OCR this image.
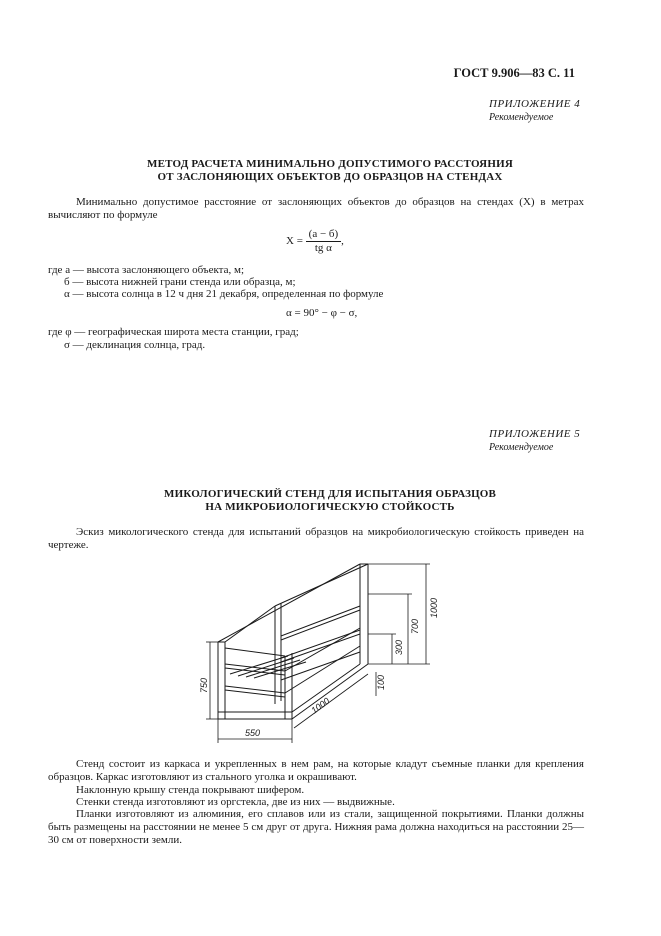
ГОСТ 9.906—83 С. 11
ПРИЛОЖЕНИЕ 4
Рекомендуемое
МЕТОД РАСЧЕТА МИНИМАЛЬНО ДОПУСТИМОГО РАССТОЯНИЯ
ОТ ЗАСЛОНЯЮЩИХ ОБЪЕКТОВ ДО ОБРАЗЦОВ НА СТЕНДАХ
Минимально допустимое расстояние от заслоняющих объектов до образцов на стендах (X) в метрах вычисляют по формуле
$X = \frac{(a - б)}{\text{tg α}}$ ,
где a — высота заслоняющего объекта, м;
б — высота нижней грани стенда или образца, м;
α — высота солнца в 12 ч дня 21 декабря, определенная по формуле
α = 90° − φ − σ,
где φ — географическая широта места станции, град;
σ — деклинация солнца, град.
ПРИЛОЖЕНИЕ 5
Рекомендуемое
МИКОЛОГИЧЕСКИЙ СТЕНД ДЛЯ ИСПЫТАНИЯ ОБРАЗЦОВ
НА МИКРОБИОЛОГИЧЕСКУЮ СТОЙКОСТЬ
Эскиз микологического стенда для испытаний образцов на микробиологическую стойкость приведен на чертеже.
1000
700
300
100
750
1000
550
Стенд состоит из каркаса и укрепленных в нем рам, на которые кладут съемные планки для крепления образцов. Каркас изготовляют из стального уголка и окрашивают.
Наклонную крышу стенда покрывают шифером.
Стенки стенда изготовляют из оргстекла, две из них — выдвижные.
Планки изготовляют из алюминия, его сплавов или из стали, защищенной покрытиями. Планки должны быть размещены на расстоянии не менее 5 см друг от друга. Нижняя рама должна находиться на расстоянии 25—30 см от поверхности земли.
